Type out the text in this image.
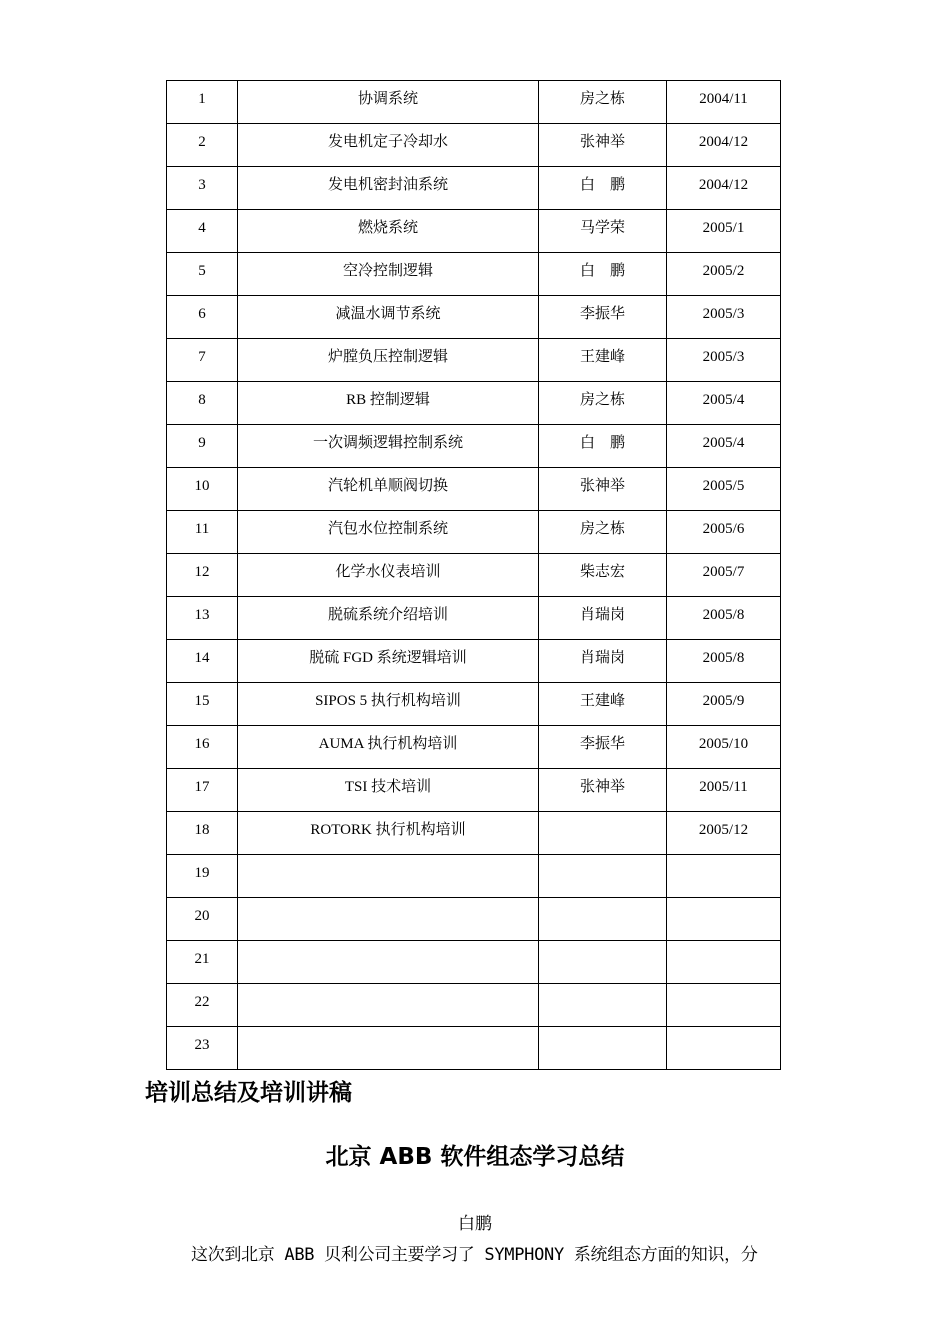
1	协调系统	房之栋	2004/11

2	发电机定子冷却水	张神举	2004/12

3	发电机密封油系统	白　鹏	2004/12

4	燃烧系统	马学荣	2005/1

5	空冷控制逻辑	白　鹏	2005/2

6	减温水调节系统	李振华	2005/3

7	炉膛负压控制逻辑	王建峰	2005/3

8	RB 控制逻辑	房之栋	2005/4

9	一次调频逻辑控制系统	白　鹏	2005/4

10	汽轮机单顺阀切换	张神举	2005/5

11	汽包水位控制系统	房之栋	2005/6

12	化学水仪表培训	柴志宏	2005/7

13	脱硫系统介绍培训	肖瑞岗	2005/8

14	脱硫 FGD 系统逻辑培训	肖瑞岗	2005/8

15	SIPOS 5 执行机构培训	王建峰	2005/9

16	AUMA 执行机构培训	李振华	2005/10

17	TSI 技术培训	张神举	2005/11

18	ROTORK 执行机构培训		2005/12

19			

20			

21			

22			

23			

培训总结及培训讲稿
北京 ABB 软件组态学习总结
白鹏
这次到北京 ABB 贝利公司主要学习了 SYMPHONY 系统组态方面的知识，分
